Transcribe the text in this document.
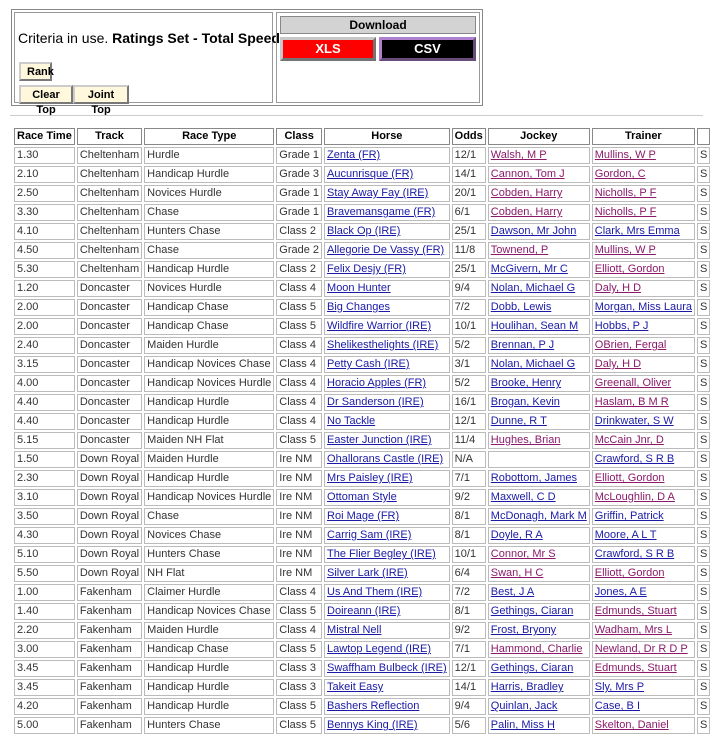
Criteria in use. Ratings Set - Total Speed
Rank
Clear Top
Joint Top
Download
XLS	CSV
Race Time	Track	Race Type	Class	Horse	Odds	Jockey	Trainer	
1.30	Cheltenham	Hurdle	Grade 1	Zenta (FR)	12/1	Walsh, M P	Mullins, W P	S
2.10	Cheltenham	Handicap Hurdle	Grade 3	Aucunrisque (FR)	14/1	Cannon, Tom J	Gordon, C	S
2.50	Cheltenham	Novices Hurdle	Grade 1	Stay Away Fay (IRE)	20/1	Cobden, Harry	Nicholls, P F	S
3.30	Cheltenham	Chase	Grade 1	Bravemansgame (FR)	6/1	Cobden, Harry	Nicholls, P F	S
4.10	Cheltenham	Hunters Chase	Class 2	Black Op (IRE)	25/1	Dawson, Mr John	Clark, Mrs Emma	S
4.50	Cheltenham	Chase	Grade 2	Allegorie De Vassy (FR)	11/8	Townend, P	Mullins, W P	S
5.30	Cheltenham	Handicap Hurdle	Class 2	Felix Desjy (FR)	25/1	McGivern, Mr C	Elliott, Gordon	S
1.20	Doncaster	Novices Hurdle	Class 4	Moon Hunter	9/4	Nolan, Michael G	Daly, H D	S
2.00	Doncaster	Handicap Chase	Class 5	Big Changes	7/2	Dobb, Lewis	Morgan, Miss Laura	S
2.00	Doncaster	Handicap Chase	Class 5	Wildfire Warrior (IRE)	10/1	Houlihan, Sean M	Hobbs, P J	S
2.40	Doncaster	Maiden Hurdle	Class 4	Shelikesthelights (IRE)	5/2	Brennan, P J	OBrien, Fergal	S
3.15	Doncaster	Handicap Novices Chase	Class 4	Petty Cash (IRE)	3/1	Nolan, Michael G	Daly, H D	S
4.00	Doncaster	Handicap Novices Hurdle	Class 4	Horacio Apples (FR)	5/2	Brooke, Henry	Greenall, Oliver	S
4.40	Doncaster	Handicap Hurdle	Class 4	Dr Sanderson (IRE)	16/1	Brogan, Kevin	Haslam, B M R	S
4.40	Doncaster	Handicap Hurdle	Class 4	No Tackle	12/1	Dunne, R T	Drinkwater, S W	S
5.15	Doncaster	Maiden NH Flat	Class 5	Easter Junction (IRE)	11/4	Hughes, Brian	McCain Jnr, D	S
1.50	Down Royal	Maiden Hurdle	Ire NM	Ohallorans Castle (IRE)	N/A		Crawford, S R B	S
2.30	Down Royal	Handicap Hurdle	Ire NM	Mrs Paisley (IRE)	7/1	Robottom, James	Elliott, Gordon	S
3.10	Down Royal	Handicap Novices Hurdle	Ire NM	Ottoman Style	9/2	Maxwell, C D	McLoughlin, D A	S
3.50	Down Royal	Chase	Ire NM	Roi Mage (FR)	8/1	McDonagh, Mark M	Griffin, Patrick	S
4.30	Down Royal	Novices Chase	Ire NM	Carrig Sam (IRE)	8/1	Doyle, R A	Moore, A L T	S
5.10	Down Royal	Hunters Chase	Ire NM	The Flier Begley (IRE)	10/1	Connor, Mr S	Crawford, S R B	S
5.50	Down Royal	NH Flat	Ire NM	Silver Lark (IRE)	6/4	Swan, H C	Elliott, Gordon	S
1.00	Fakenham	Claimer Hurdle	Class 4	Us And Them (IRE)	7/2	Best, J A	Jones, A E	S
1.40	Fakenham	Handicap Novices Chase	Class 5	Doireann (IRE)	8/1	Gethings, Ciaran	Edmunds, Stuart	S
2.20	Fakenham	Maiden Hurdle	Class 4	Mistral Nell	9/2	Frost, Bryony	Wadham, Mrs L	S
3.00	Fakenham	Handicap Chase	Class 5	Lawtop Legend (IRE)	7/1	Hammond, Charlie	Newland, Dr R D P	S
3.45	Fakenham	Handicap Hurdle	Class 3	Swaffham Bulbeck (IRE)	12/1	Gethings, Ciaran	Edmunds, Stuart	S
3.45	Fakenham	Handicap Hurdle	Class 3	Takeit Easy	14/1	Harris, Bradley	Sly, Mrs P	S
4.20	Fakenham	Handicap Hurdle	Class 5	Bashers Reflection	9/4	Quinlan, Jack	Case, B I	S
5.00	Fakenham	Hunters Chase	Class 5	Bennys King (IRE)	5/6	Palin, Miss H	Skelton, Daniel	S
